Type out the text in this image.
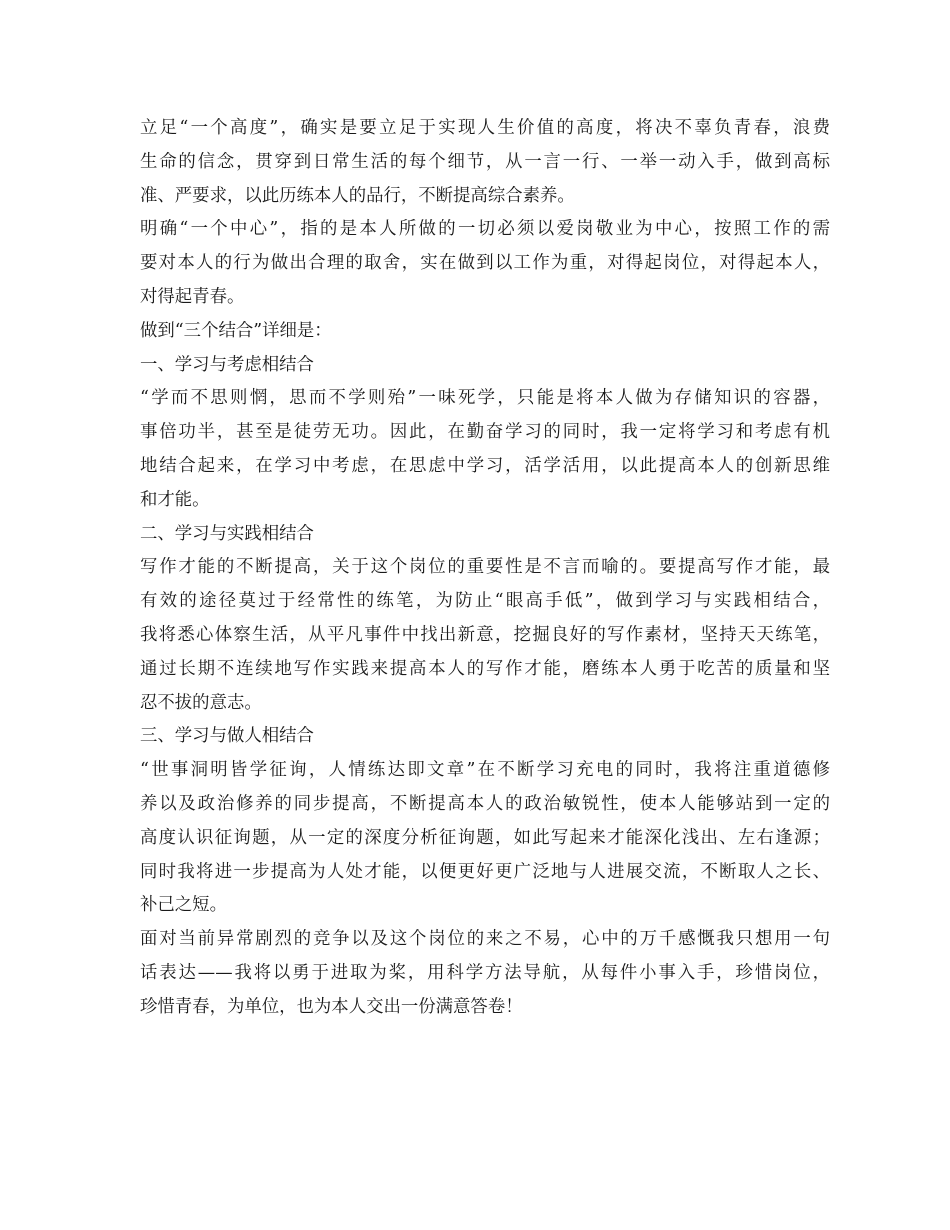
立足“一个高度”，确实是要立足于实现人生价值的高度，将决不辜负青春，浪费
生命的信念，贯穿到日常生活的每个细节，从一言一行、一举一动入手，做到高标
准、严要求，以此历练本人的品行，不断提高综合素养。
明确“一个中心”，指的是本人所做的一切必须以爱岗敬业为中心，按照工作的需
要对本人的行为做出合理的取舍，实在做到以工作为重，对得起岗位，对得起本人，
对得起青春。
做到“三个结合”详细是：
一、学习与考虑相结合
“学而不思则惘，思而不学则殆”一味死学，只能是将本人做为存储知识的容器，
事倍功半，甚至是徒劳无功。因此，在勤奋学习的同时，我一定将学习和考虑有机
地结合起来，在学习中考虑，在思虑中学习，活学活用，以此提高本人的创新思维
和才能。
二、学习与实践相结合
写作才能的不断提高，关于这个岗位的重要性是不言而喻的。要提高写作才能，最
有效的途径莫过于经常性的练笔，为防止“眼高手低”，做到学习与实践相结合，
我将悉心体察生活，从平凡事件中找出新意，挖掘良好的写作素材，坚持天天练笔，
通过长期不连续地写作实践来提高本人的写作才能，磨练本人勇于吃苦的质量和坚
忍不拔的意志。
三、学习与做人相结合
“世事洞明皆学征询，人情练达即文章”在不断学习充电的同时，我将注重道德修
养以及政治修养的同步提高，不断提高本人的政治敏锐性，使本人能够站到一定的
高度认识征询题，从一定的深度分析征询题，如此写起来才能深化浅出、左右逢源；
同时我将进一步提高为人处才能，以便更好更广泛地与人进展交流，不断取人之长、
补己之短。
面对当前异常剧烈的竞争以及这个岗位的来之不易，心中的万千感慨我只想用一句
话表达——我将以勇于进取为桨，用科学方法导航，从每件小事入手，珍惜岗位，
珍惜青春，为单位，也为本人交出一份满意答卷！
